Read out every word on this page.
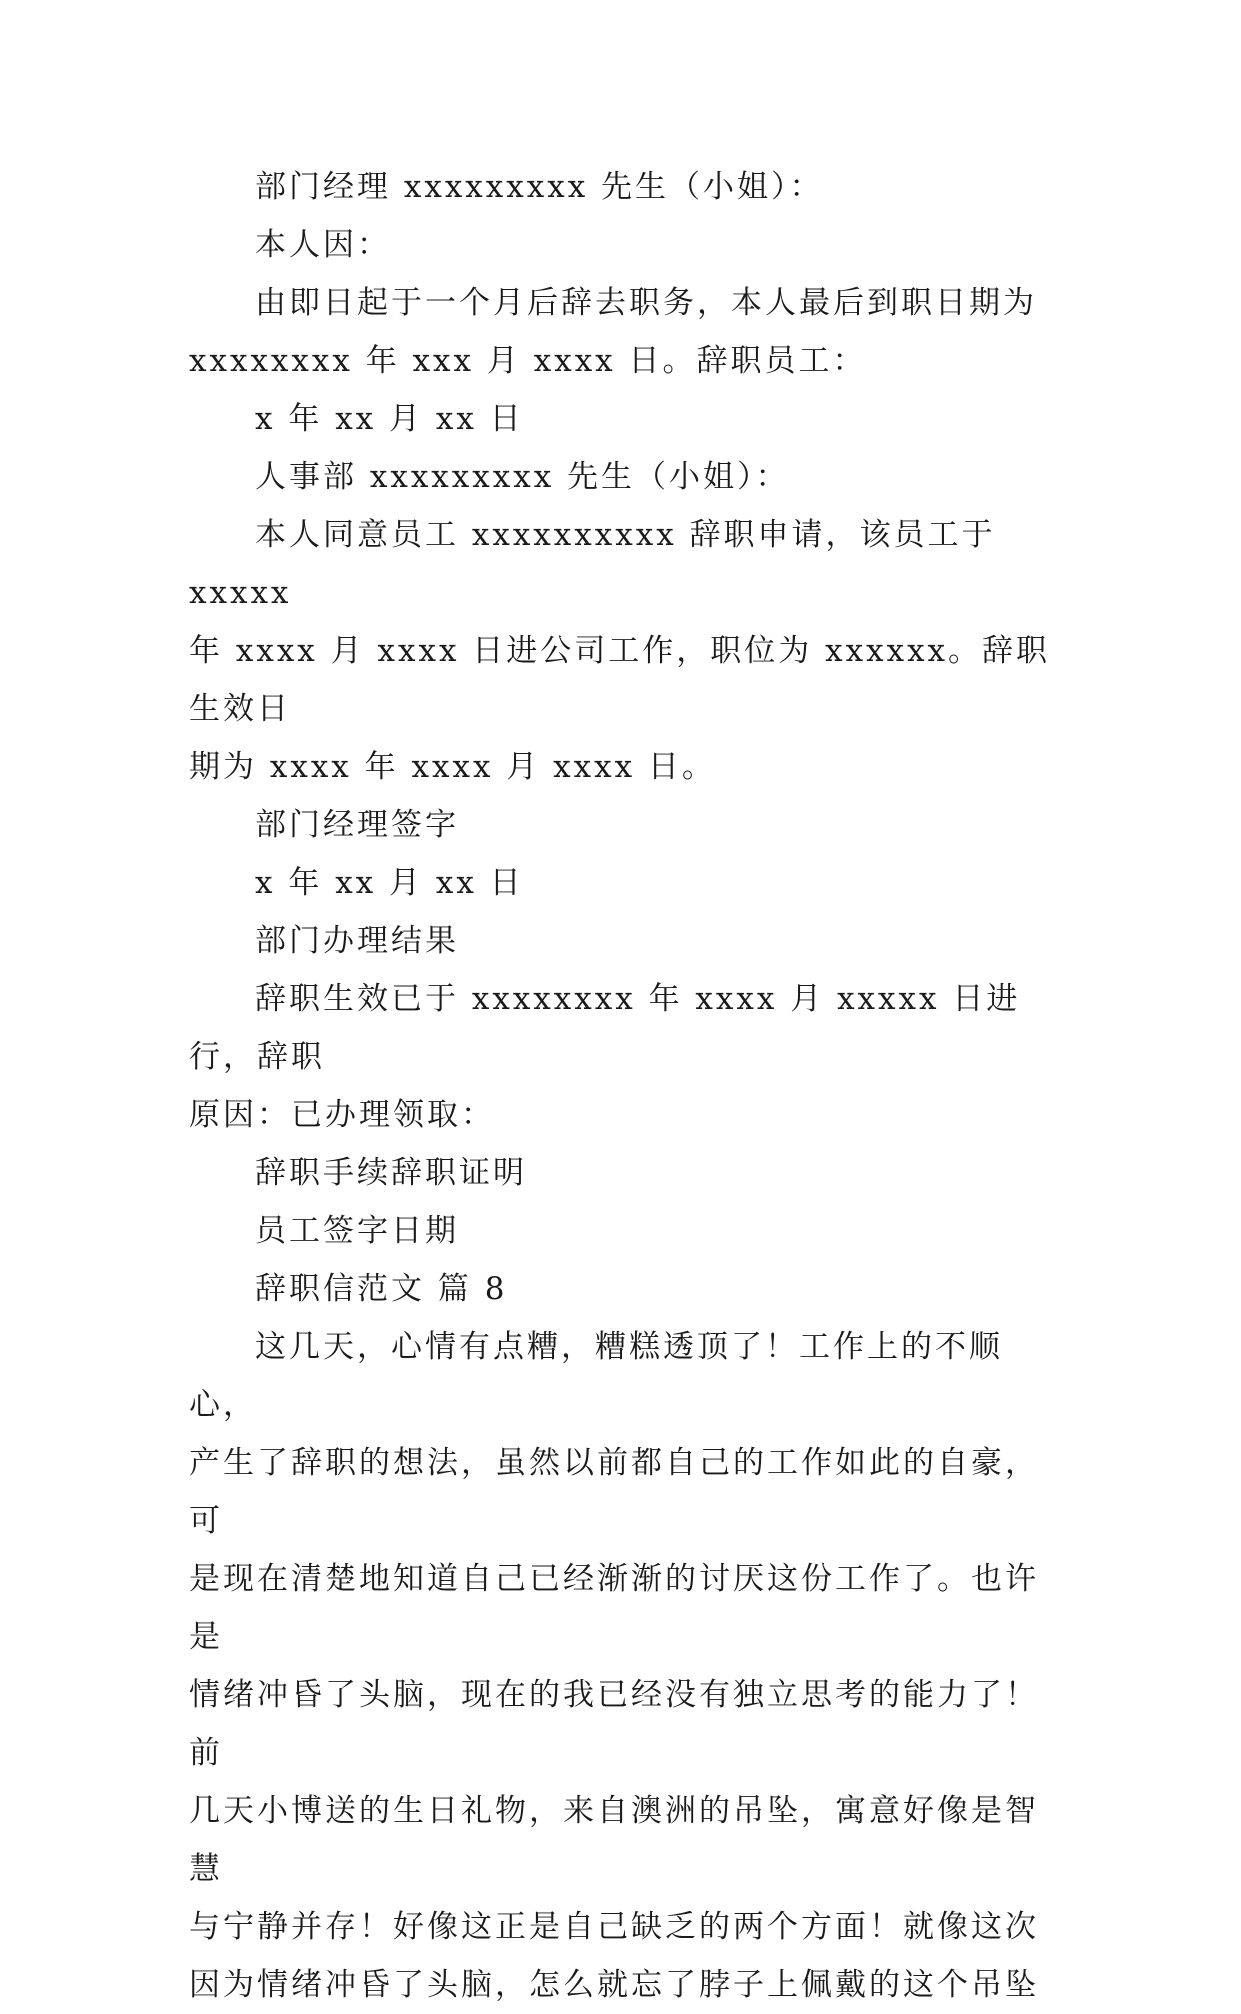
部门经理 xxxxxxxxx 先生（小姐）：

本人因：

由即日起于一个月后辞去职务，本人最后到职日期为

xxxxxxxx 年 xxx 月 xxxx 日。辞职员工：

x 年 xx 月 xx 日

人事部 xxxxxxxxx 先生（小姐）：

本人同意员工 xxxxxxxxxx 辞职申请，该员工于 xxxxx

年 xxxx 月 xxxx 日进公司工作，职位为 xxxxxx。辞职生效日

期为 xxxx 年 xxxx 月 xxxx 日。

部门经理签字

x 年 xx 月 xx 日

部门办理结果

辞职生效已于 xxxxxxxx 年 xxxx 月 xxxxx 日进行，辞职

原因：已办理领取：

辞职手续辞职证明

员工签字日期

辞职信范文 篇 8

这几天，心情有点糟，糟糕透顶了！工作上的不顺心，

产生了辞职的想法，虽然以前都自己的工作如此的自豪，可

是现在清楚地知道自己已经渐渐的讨厌这份工作了。也许是

情绪冲昏了头脑，现在的我已经没有独立思考的能力了！前

几天小博送的生日礼物，来自澳洲的吊坠，寓意好像是智慧

与宁静并存！好像这正是自己缺乏的两个方面！就像这次

因为情绪冲昏了头脑，怎么就忘了脖子上佩戴的这个吊坠
